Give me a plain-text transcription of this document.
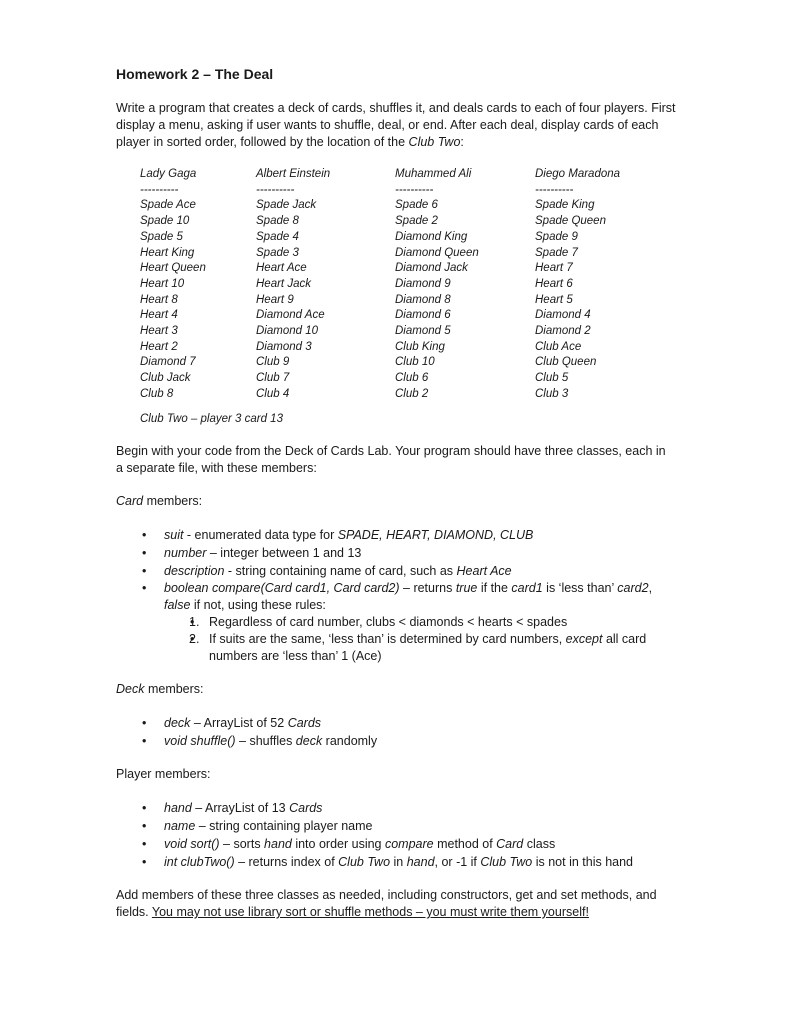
Homework 2 – The Deal

Write a program that creates a deck of cards, shuffles it, and deals cards to each of four players. First display a menu, asking if user wants to shuffle, deal, or end. After each deal, display cards of each player in sorted order, followed by the location of the Club Two:

Lady Gaga
----------
Spade Ace
Spade 10
Spade 5
Heart King
Heart Queen
Heart 10
Heart 8
Heart 4
Heart 3
Heart 2
Diamond 7
Club Jack
Club 8
Albert Einstein
----------
Spade Jack
Spade 8
Spade 4
Spade 3
Heart Ace
Heart Jack
Heart 9
Diamond Ace
Diamond 10
Diamond 3
Club 9
Club 7
Club 4
Muhammed Ali
----------
Spade 6
Spade 2
Diamond King
Diamond Queen
Diamond Jack
Diamond 9
Diamond 8
Diamond 6
Diamond 5
Club King
Club 10
Club 6
Club 2
Diego Maradona
----------
Spade King
Spade Queen
Spade 9
Spade 7
Heart 7
Heart 6
Heart 5
Diamond 4
Diamond 2
Club Ace
Club Queen
Club 5
Club 3
Club Two – player 3 card 13

Begin with your code from the Deck of Cards Lab. Your program should have three classes, each in a separate file, with these members:

Card members:

• suit - enumerated data type for SPADE, HEART, DIAMOND, CLUB
• number – integer between 1 and 13
• description - string containing name of card, such as Heart Ace
• boolean compare(Card card1, Card card2) – returns true if the card1 is ‘less than’ card2,
false if not, using these rules:
• 1. Regardless of card number, clubs < diamonds < hearts < spades
• 2. If suits are the same, ‘less than’ is determined by card numbers, except all card numbers are ‘less than’ 1 (Ace)

Deck members:

• deck – ArrayList of 52 Cards
• void shuffle() – shuffles deck randomly

Player members:

• hand – ArrayList of 13 Cards
• name – string containing player name
• void sort() – sorts hand into order using compare method of Card class
• int clubTwo() – returns index of Club Two in hand, or -1 if Club Two is not in this hand

Add members of these three classes as needed, including constructors, get and set methods, and fields. You may not use library sort or shuffle methods – you must write them yourself!
